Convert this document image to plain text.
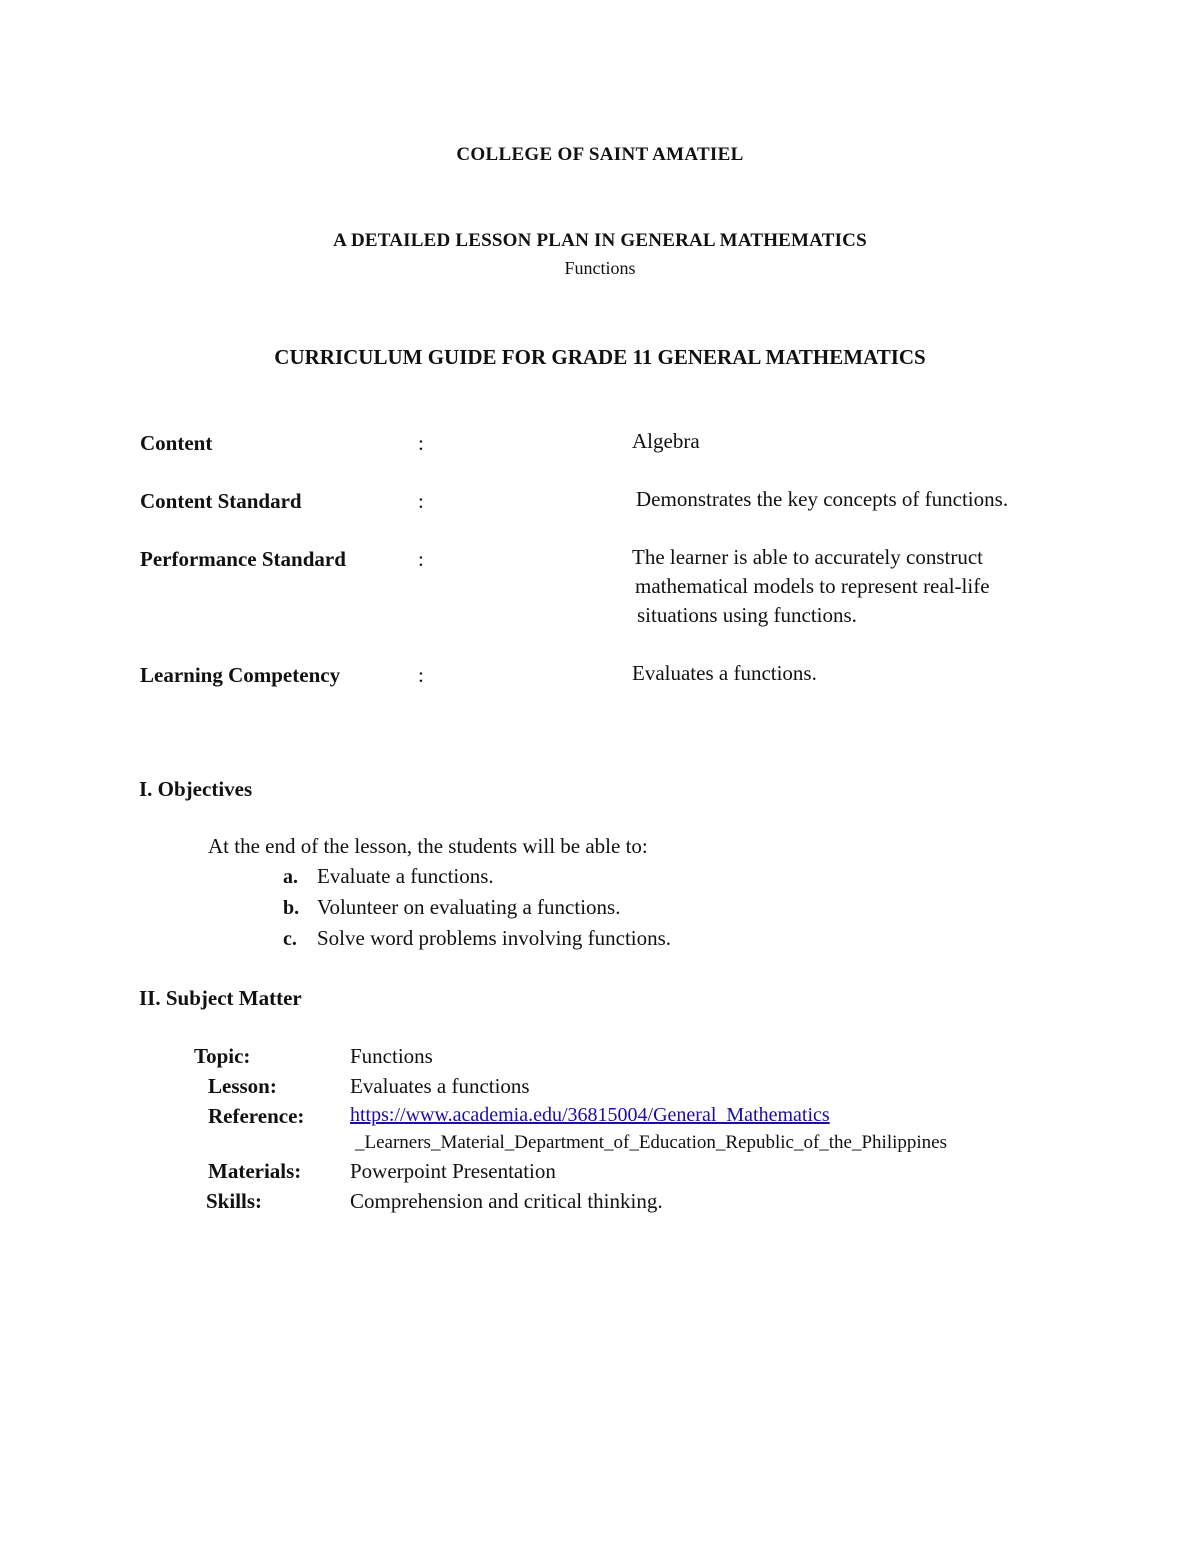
COLLEGE OF SAINT AMATIEL
A DETAILED LESSON PLAN IN GENERAL MATHEMATICS
Functions
CURRICULUM GUIDE FOR GRADE 11 GENERAL MATHEMATICS
Content	:	Algebra
Content Standard	:	Demonstrates the key concepts of functions.
Performance Standard	:	The learner is able to accurately construct
mathematical models to represent real-life
situations using functions.
Learning Competency	:	Evaluates a functions.
I. Objectives
At the end of the lesson, the students will be able to:
a. Evaluate a functions.
b. Volunteer on evaluating a functions.
c. Solve word problems involving functions.
II. Subject Matter
Topic:	Functions
Lesson:	Evaluates a functions
Reference: https://www.academia.edu/36815004/General_Mathematics
_Learners_Material_Department_of_Education_Republic_of_the_Philippines
Materials: Powerpoint Presentation
Skills:	Comprehension and critical thinking.
